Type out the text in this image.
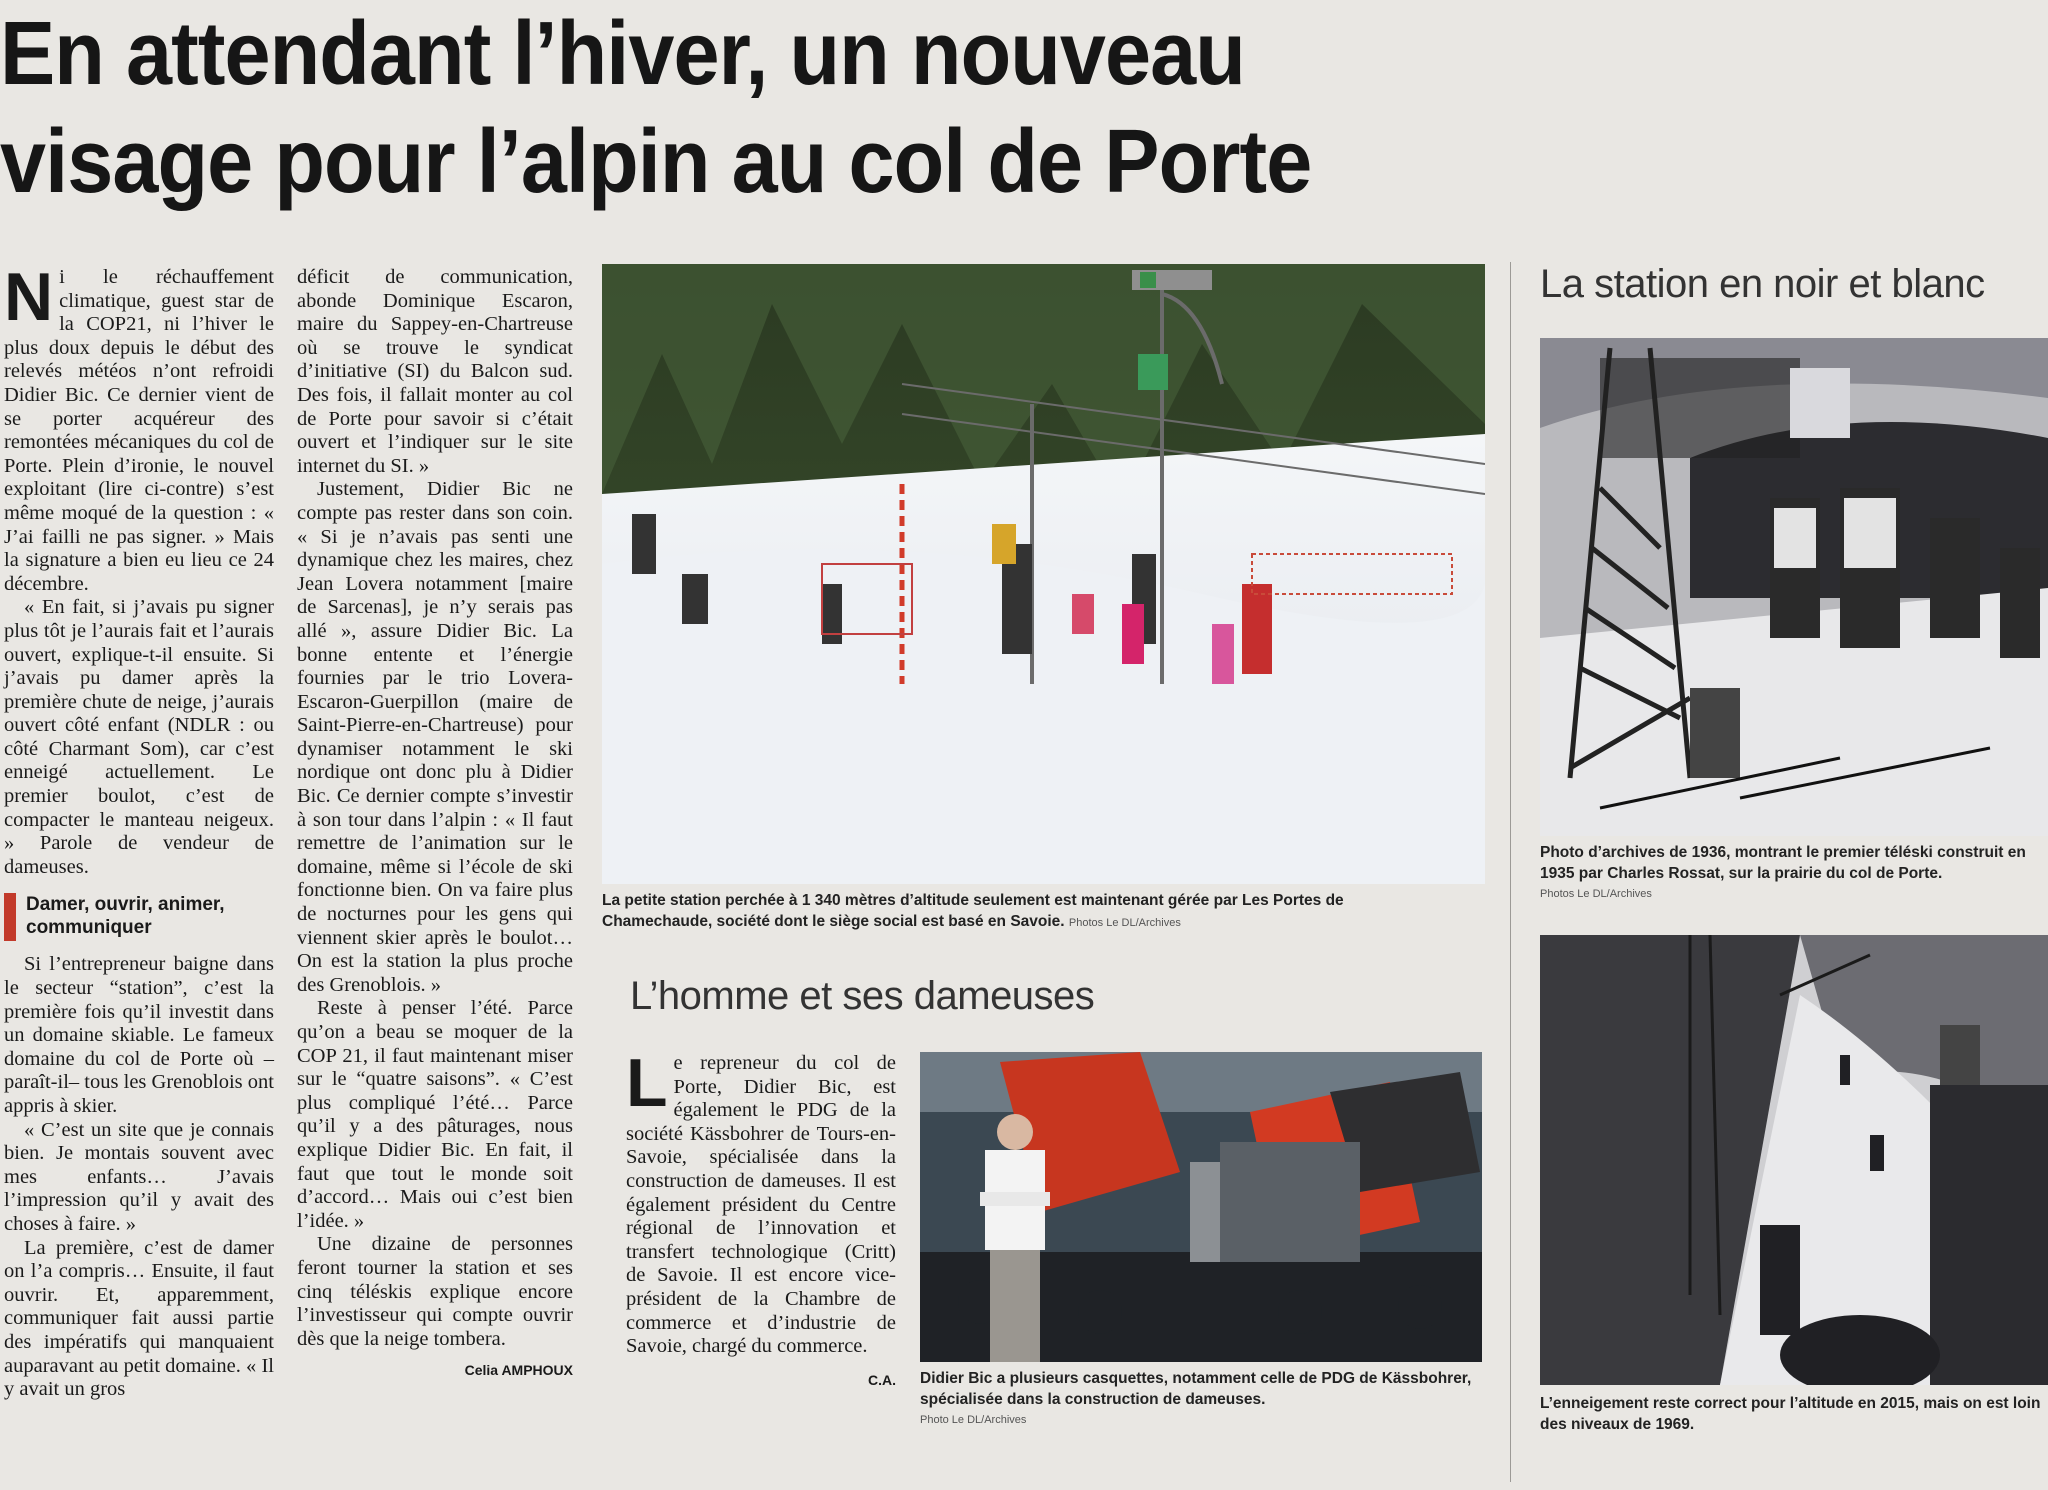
En attendant l’hiver, un nouveau
visage pour l’alpin au col de Porte

Ni le réchauffement climatique, guest star de la COP21, ni l’hiver le plus doux depuis le début des relevés météos n’ont refroidi Didier Bic. Ce dernier vient de se porter acquéreur des remontées mécaniques du col de Porte. Plein d’ironie, le nouvel exploitant (lire ci-contre) s’est même moqué de la question : « J’ai failli ne pas signer. » Mais la signature a bien eu lieu ce 24 décembre.

« En fait, si j’avais pu signer plus tôt je l’aurais fait et l’aurais ouvert, explique-t-il ensuite. Si j’avais pu damer après la première chute de neige, j’aurais ouvert côté enfant (NDLR : ou côté Charmant Som), car c’est enneigé actuellement. Le premier boulot, c’est de compacter le manteau neigeux. » Parole de vendeur de dameuses.

Damer, ouvrir, animer, communiquer

Si l’entrepreneur baigne dans le secteur “station”, c’est la première fois qu’il investit dans un domaine skiable. Le fameux domaine du col de Porte où – paraît-il– tous les Grenoblois ont appris à skier.

« C’est un site que je connais bien. Je montais souvent avec mes enfants… J’avais l’impression qu’il y avait des choses à faire. »

La première, c’est de damer on l’a compris… Ensuite, il faut ouvrir. Et, apparemment, communiquer fait aussi partie des impératifs qui manquaient auparavant au petit domaine. « Il y avait un gros

déficit de communication, abonde Dominique Escaron, maire du Sappey-en-Chartreuse où se trouve le syndicat d’initiative (SI) du Balcon sud. Des fois, il fallait monter au col de Porte pour savoir si c’était ouvert et l’indiquer sur le site internet du SI. »

Justement, Didier Bic ne compte pas rester dans son coin. « Si je n’avais pas senti une dynamique chez les maires, chez Jean Lovera notamment [maire de Sarcenas], je n’y serais pas allé », assure Didier Bic. La bonne entente et l’énergie fournies par le trio Lovera-Escaron-Guerpillon (maire de Saint-Pierre-en-Chartreuse) pour dynamiser notamment le ski nordique ont donc plu à Didier Bic. Ce dernier compte s’investir à son tour dans l’alpin : « Il faut remettre de l’animation sur le domaine, même si l’école de ski fonctionne bien. On va faire plus de nocturnes pour les gens qui viennent skier après le boulot… On est la station la plus proche des Grenoblois. »

Reste à penser l’été. Parce qu’on a beau se moquer de la COP 21, il faut maintenant miser sur le “quatre saisons”. « C’est plus compliqué l’été… Parce qu’il y a des pâturages, nous explique Didier Bic. En fait, il faut que tout le monde soit d’accord… Mais oui c’est bien l’idée. »

Une dizaine de personnes feront tourner la station et ses cinq téléskis explique encore l’investisseur qui compte ouvrir dès que la neige tombera.

Celia AMPHOUX
La petite station perchée à 1 340 mètres d’altitude seulement est maintenant gérée par Les Portes de Chamechaude, société dont le siège social est basé en Savoie. Photos Le DL/Archives
La station en noir et blanc
Photo d’archives de 1936, montrant le premier téléski construit en 1935 par Charles Rossat, sur la prairie du col de Porte.
Photos Le DL/Archives
L’enneigement reste correct pour l’altitude en 2015, mais on est loin des niveaux de 1969.
L’homme et ses dameuses

Le repreneur du col de Porte, Didier Bic, est également le PDG de la société Kässbohrer de Tours-en-Savoie, spécialisée dans la construction de dameuses. Il est également président du Centre régional de l’innovation et transfert technologique (Critt) de Savoie. Il est encore vice-président de la Chambre de commerce et d’industrie de Savoie, chargé du commerce.

C.A. Didier Bic a plusieurs casquettes, notamment celle de PDG de Kässbohrer, spécialisée dans la construction de dameuses.
Photo Le DL/Archives
